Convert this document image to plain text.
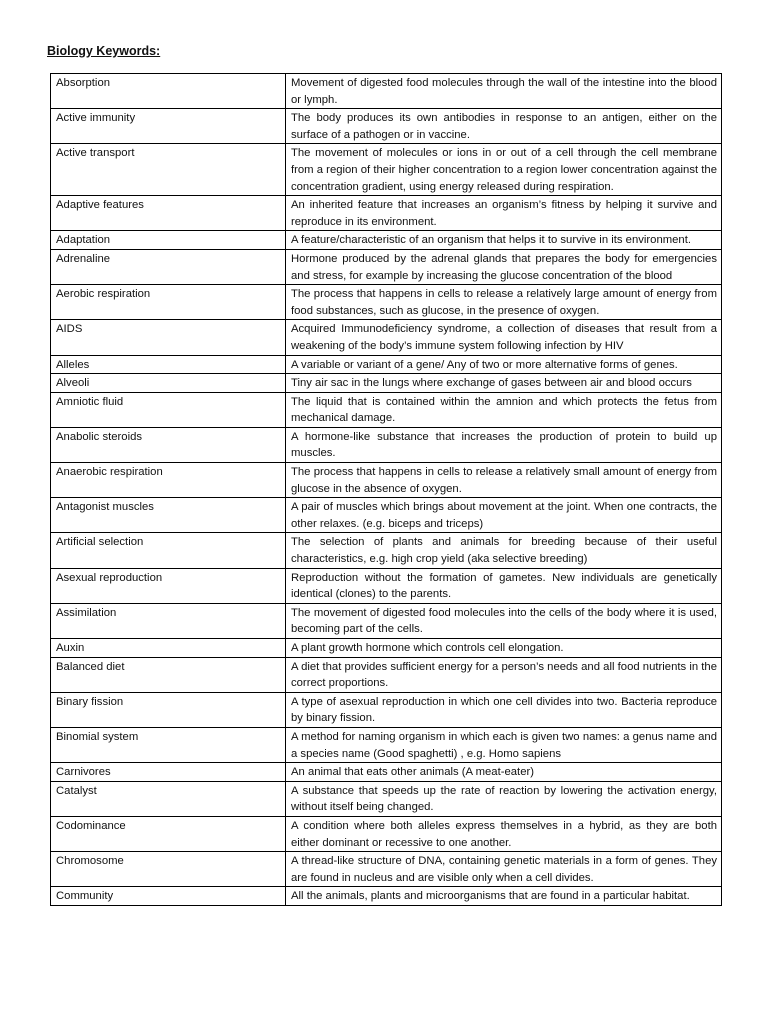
Biology Keywords:
Absorption	Movement of digested food molecules through the wall of the intestine into the blood or lymph.
Active immunity	The body produces its own antibodies in response to an antigen, either on the surface of a pathogen or in vaccine.
Active transport	The movement of molecules or ions in or out of a cell through the cell membrane from a region of their higher concentration to a region lower concentration against the concentration gradient, using energy released during respiration.
Adaptive features	An inherited feature that increases an organism’s fitness by helping it survive and reproduce in its environment.
Adaptation	A feature/characteristic of an organism that helps it to survive in its environment.
Adrenaline	Hormone produced by the adrenal glands that prepares the body for emergencies and stress, for example by increasing the glucose concentration of the blood
Aerobic respiration	The process that happens in cells to release a relatively large amount of energy from food substances, such as glucose, in the presence of oxygen.
AIDS	Acquired Immunodeficiency syndrome, a collection of diseases that result from a weakening of the body’s immune system following infection by HIV
Alleles	A variable or variant of a gene/ Any of two or more alternative forms of genes.
Alveoli	Tiny air sac in the lungs where exchange of gases between air and blood occurs
Amniotic fluid	The liquid that is contained within the amnion and which protects the fetus from mechanical damage.
Anabolic steroids	A hormone-like substance that increases the production of protein to build up muscles.
Anaerobic respiration	The process that happens in cells to release a relatively small amount of energy from glucose in the absence of oxygen.
Antagonist muscles	A pair of muscles which brings about movement at the joint. When one contracts, the other relaxes. (e.g. biceps and triceps)
Artificial selection	The selection of plants and animals for breeding because of their useful characteristics, e.g. high crop yield (aka selective breeding)
Asexual reproduction	Reproduction without the formation of gametes. New individuals are genetically identical (clones) to the parents.
Assimilation	The movement of digested food molecules into the cells of the body where it is used, becoming part of the cells.
Auxin	A plant growth hormone which controls cell elongation.
Balanced diet	A diet that provides sufficient energy for a person’s needs and all food nutrients in the correct proportions.
Binary fission	A type of asexual reproduction in which one cell divides into two. Bacteria reproduce by binary fission.
Binomial system	A method for naming organism in which each is given two names: a genus name and a species name (Good spaghetti) , e.g. Homo sapiens
Carnivores	An animal that eats other animals (A meat-eater)
Catalyst	A substance that speeds up the rate of reaction by lowering the activation energy, without itself being changed.
Codominance	A condition where both alleles express themselves in a hybrid, as they are both either dominant or recessive to one another.
Chromosome	A thread-like structure of DNA, containing genetic materials in a form of genes. They are found in nucleus and are visible only when a cell divides.
Community	All the animals, plants and microorganisms that are found in a particular habitat.
